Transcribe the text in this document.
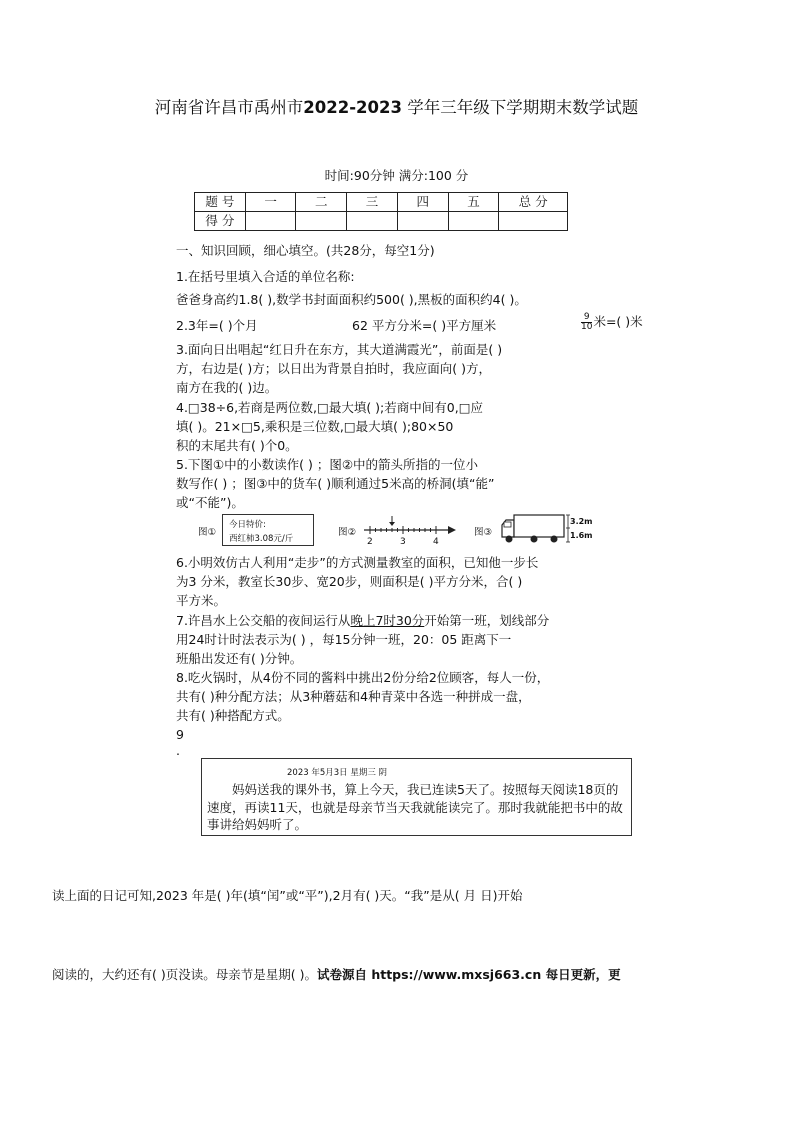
河南省许昌市禹州市2022-2023 学年三年级下学期期末数学试题
时间:90分钟 满分:100 分
题 号	一	二	三	四	五	总 分
得 分						
一、知识回顾，细心填空。(共28分，每空1分)
1.在括号里填入合适的单位名称:
爸爸身高约1.8( ),数学书封面面积约500( ),黑板的面积约4( )。
2.3年=( )个月	62 平方分米=( )平方厘米	$\frac{9}{10}$ 米=( )米
3.面向日出唱起“红日升在东方，其大道满霞光”，前面是( )
方，右边是( )方；以日出为背景自拍时，我应面向( )方，
南方在我的( )边。
4.□38÷6,若商是两位数,□最大填( );若商中间有0,□应
填( )。21×□5,乘积是三位数,□最大填( );80×50
积的末尾共有( )个0。
5.下图①中的小数读作( ) ；图②中的箭头所指的一位小
数写作( ) ；图③中的货车( )顺利通过5米高的桥洞(填“能”
或“不能”)。
图①
今日特价:
西红柿3.08元/斤
图②
2	3	4
图③
3.2m
1.6m
6.小明效仿古人利用“走步”的方式测量教室的面积，已知他一步长
为3 分米，教室长30步、宽20步，则面积是( )平方分米，合( )
平方米。
7.许昌水上公交船的夜间运行从晚上7时30分开始第一班，划线部分
用24时计时法表示为( ) ，每15分钟一班，20：05 距离下一
班船出发还有( )分钟。
8.吃火锅时，从4份不同的酱料中挑出2份分给2位顾客，每人一份，
共有( )种分配方法；从3种蘑菇和4种青菜中各选一种拼成一盘，
共有( )种搭配方式。
9
.
2023 年5月3日 星期三 阴
妈妈送我的课外书，算上今天，我已连读5天了。按照每天阅读18页的速度，再读11天，也就是母亲节当天我就能读完了。那时我就能把书中的故事讲给妈妈听了。
读上面的日记可知,2023 年是( )年(填“闰”或“平”),2月有( )天。“我”是从( 月 日)开始
阅读的，大约还有( )页没读。母亲节是星期( )。试卷源自 https://www.mxsj663.cn 每日更新，更
